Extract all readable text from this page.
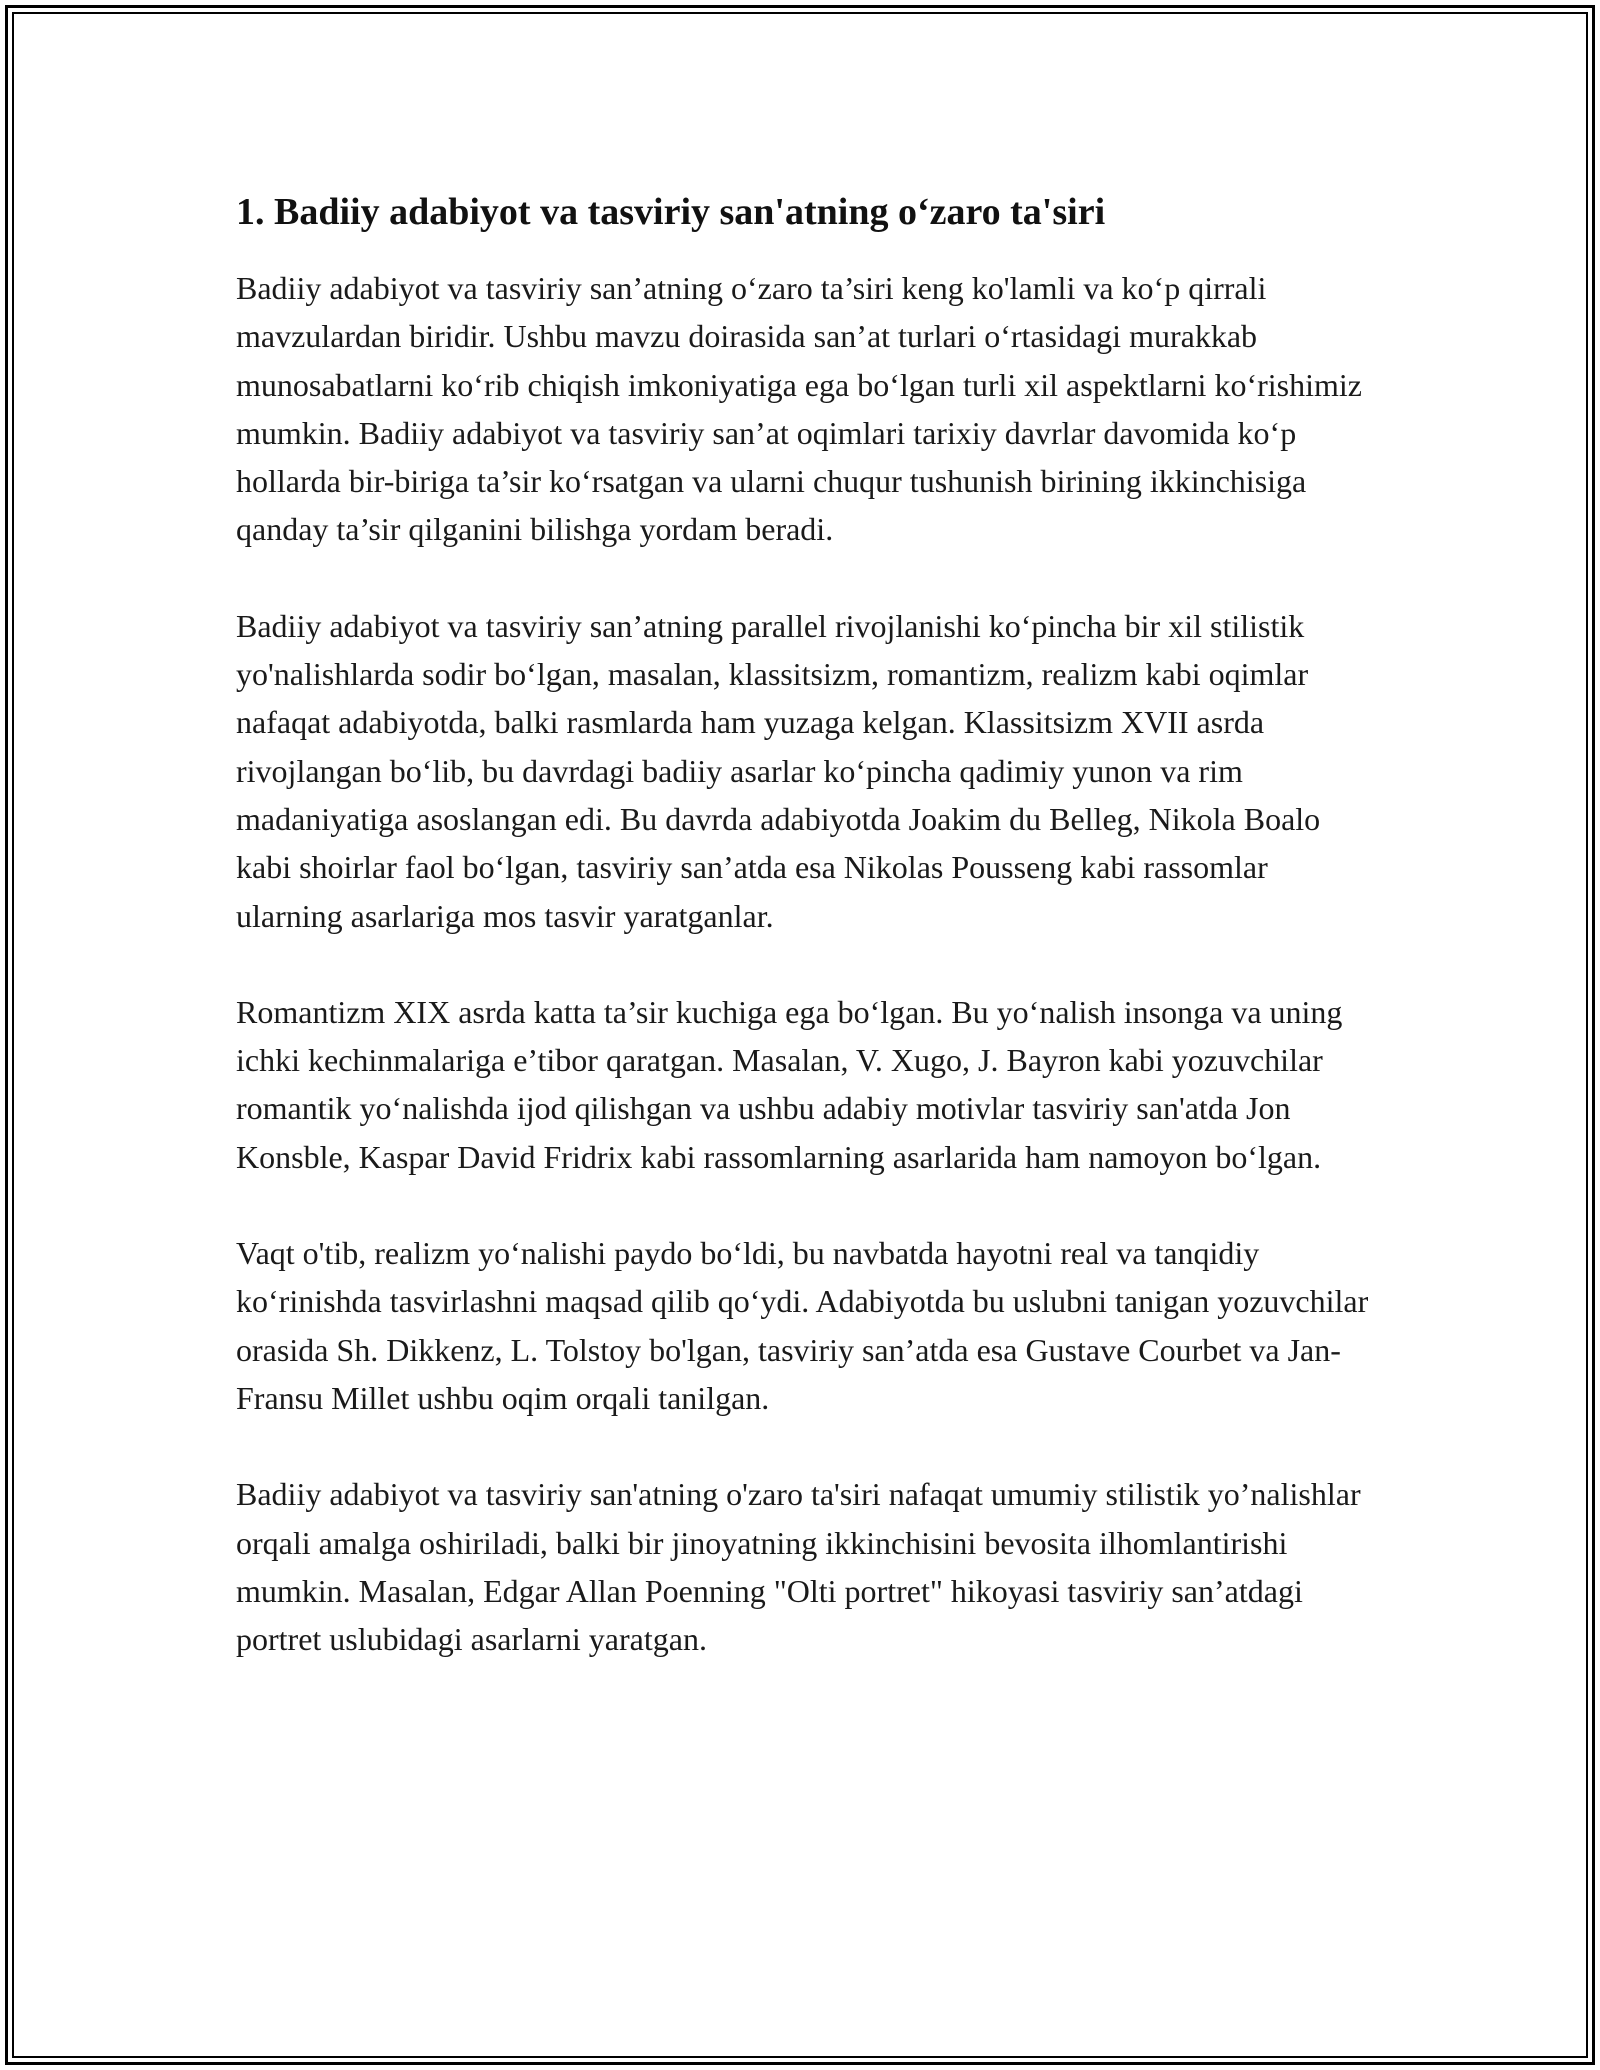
1. Badiiy adabiyot va tasviriy san'atning oʻzaro ta'siri

Badiiy adabiyot va tasviriy san’atning oʻzaro ta’siri keng ko'lamli va koʻp qirrali mavzulardan biridir. Ushbu mavzu doirasida san’at turlari oʻrtasidagi murakkab munosabatlarni koʻrib chiqish imkoniyatiga ega boʻlgan turli xil aspektlarni koʻrishimiz mumkin. Badiiy adabiyot va tasviriy san’at oqimlari tarixiy davrlar davomida koʻp hollarda bir-biriga ta’sir koʻrsatgan va ularni chuqur tushunish birining ikkinchisiga qanday ta’sir qilganini bilishga yordam beradi.

Badiiy adabiyot va tasviriy san’atning parallel rivojlanishi koʻpincha bir xil stilistik yo'nalishlarda sodir boʻlgan, masalan, klassitsizm, romantizm, realizm kabi oqimlar nafaqat adabiyotda, balki rasmlarda ham yuzaga kelgan. Klassitsizm XVII asrda rivojlangan boʻlib, bu davrdagi badiiy asarlar koʻpincha qadimiy yunon va rim madaniyatiga asoslangan edi. Bu davrda adabiyotda Joakim du Belleg, Nikola Boalo kabi shoirlar faol boʻlgan, tasviriy san’atda esa Nikolas Pousseng kabi rassomlar ularning asarlariga mos tasvir yaratganlar.

Romantizm XIX asrda katta ta’sir kuchiga ega boʻlgan. Bu yoʻnalish insonga va uning ichki kechinmalariga e’tibor qaratgan. Masalan, V. Xugo, J. Bayron kabi yozuvchilar romantik yoʻnalishda ijod qilishgan va ushbu adabiy motivlar tasviriy san'atda Jon Konsble, Kaspar David Fridrix kabi rassomlarning asarlarida ham namoyon boʻlgan.

Vaqt o'tib, realizm yoʻnalishi paydo boʻldi, bu navbatda hayotni real va tanqidiy koʻrinishda tasvirlashni maqsad qilib qoʻydi. Adabiyotda bu uslubni tanigan yozuvchilar orasida Sh. Dikkenz, L. Tolstoy bo'lgan, tasviriy san’atda esa Gustave Courbet va Jan-Fransu Millet ushbu oqim orqali tanilgan.

Badiiy adabiyot va tasviriy san'atning o'zaro ta'siri nafaqat umumiy stilistik yo’nalishlar orqali amalga oshiriladi, balki bir jinoyatning ikkinchisini bevosita ilhomlantirishi mumkin. Masalan, Edgar Allan Poenning "Olti portret" hikoyasi tasviriy san’atdagi portret uslubidagi asarlarni yaratgan.
